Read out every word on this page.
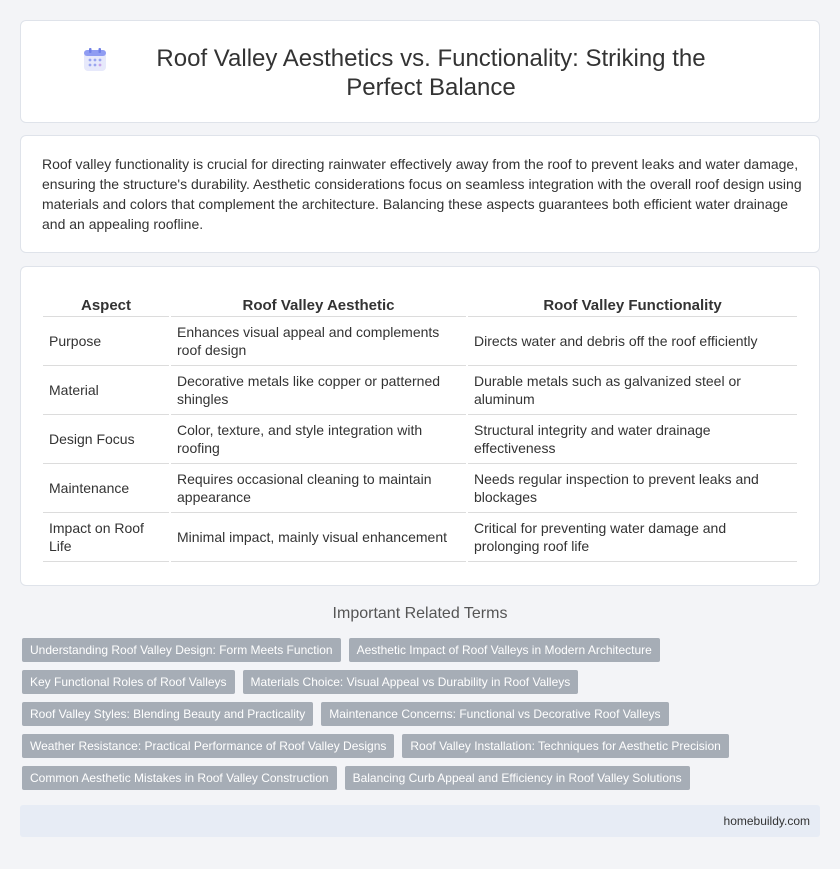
Roof Valley Aesthetics vs. Functionality: Striking the Perfect Balance

Roof valley functionality is crucial for directing rainwater effectively away from the roof to prevent leaks and water damage, ensuring the structure's durability. Aesthetic considerations focus on seamless integration with the overall roof design using materials and colors that complement the architecture. Balancing these aspects guarantees both efficient water drainage and an appealing roofline.

Aspect	Roof Valley Aesthetic	Roof Valley Functionality
Purpose	Enhances visual appeal and complements roof design	Directs water and debris off the roof efficiently
Material	Decorative metals like copper or patterned shingles	Durable metals such as galvanized steel or aluminum
Design Focus	Color, texture, and style integration with roofing	Structural integrity and water drainage effectiveness
Maintenance	Requires occasional cleaning to maintain appearance	Needs regular inspection to prevent leaks and blockages
Impact on Roof Life	Minimal impact, mainly visual enhancement	Critical for preventing water damage and prolonging roof life
Important Related Terms
Understanding Roof Valley Design: Form Meets Function	Aesthetic Impact of Roof Valleys in Modern Architecture
Key Functional Roles of Roof Valleys	Materials Choice: Visual Appeal vs Durability in Roof Valleys
Roof Valley Styles: Blending Beauty and Practicality	Maintenance Concerns: Functional vs Decorative Roof Valleys
Weather Resistance: Practical Performance of Roof Valley Designs	Roof Valley Installation: Techniques for Aesthetic Precision
Common Aesthetic Mistakes in Roof Valley Construction	Balancing Curb Appeal and Efficiency in Roof Valley Solutions
homebuildy.com
